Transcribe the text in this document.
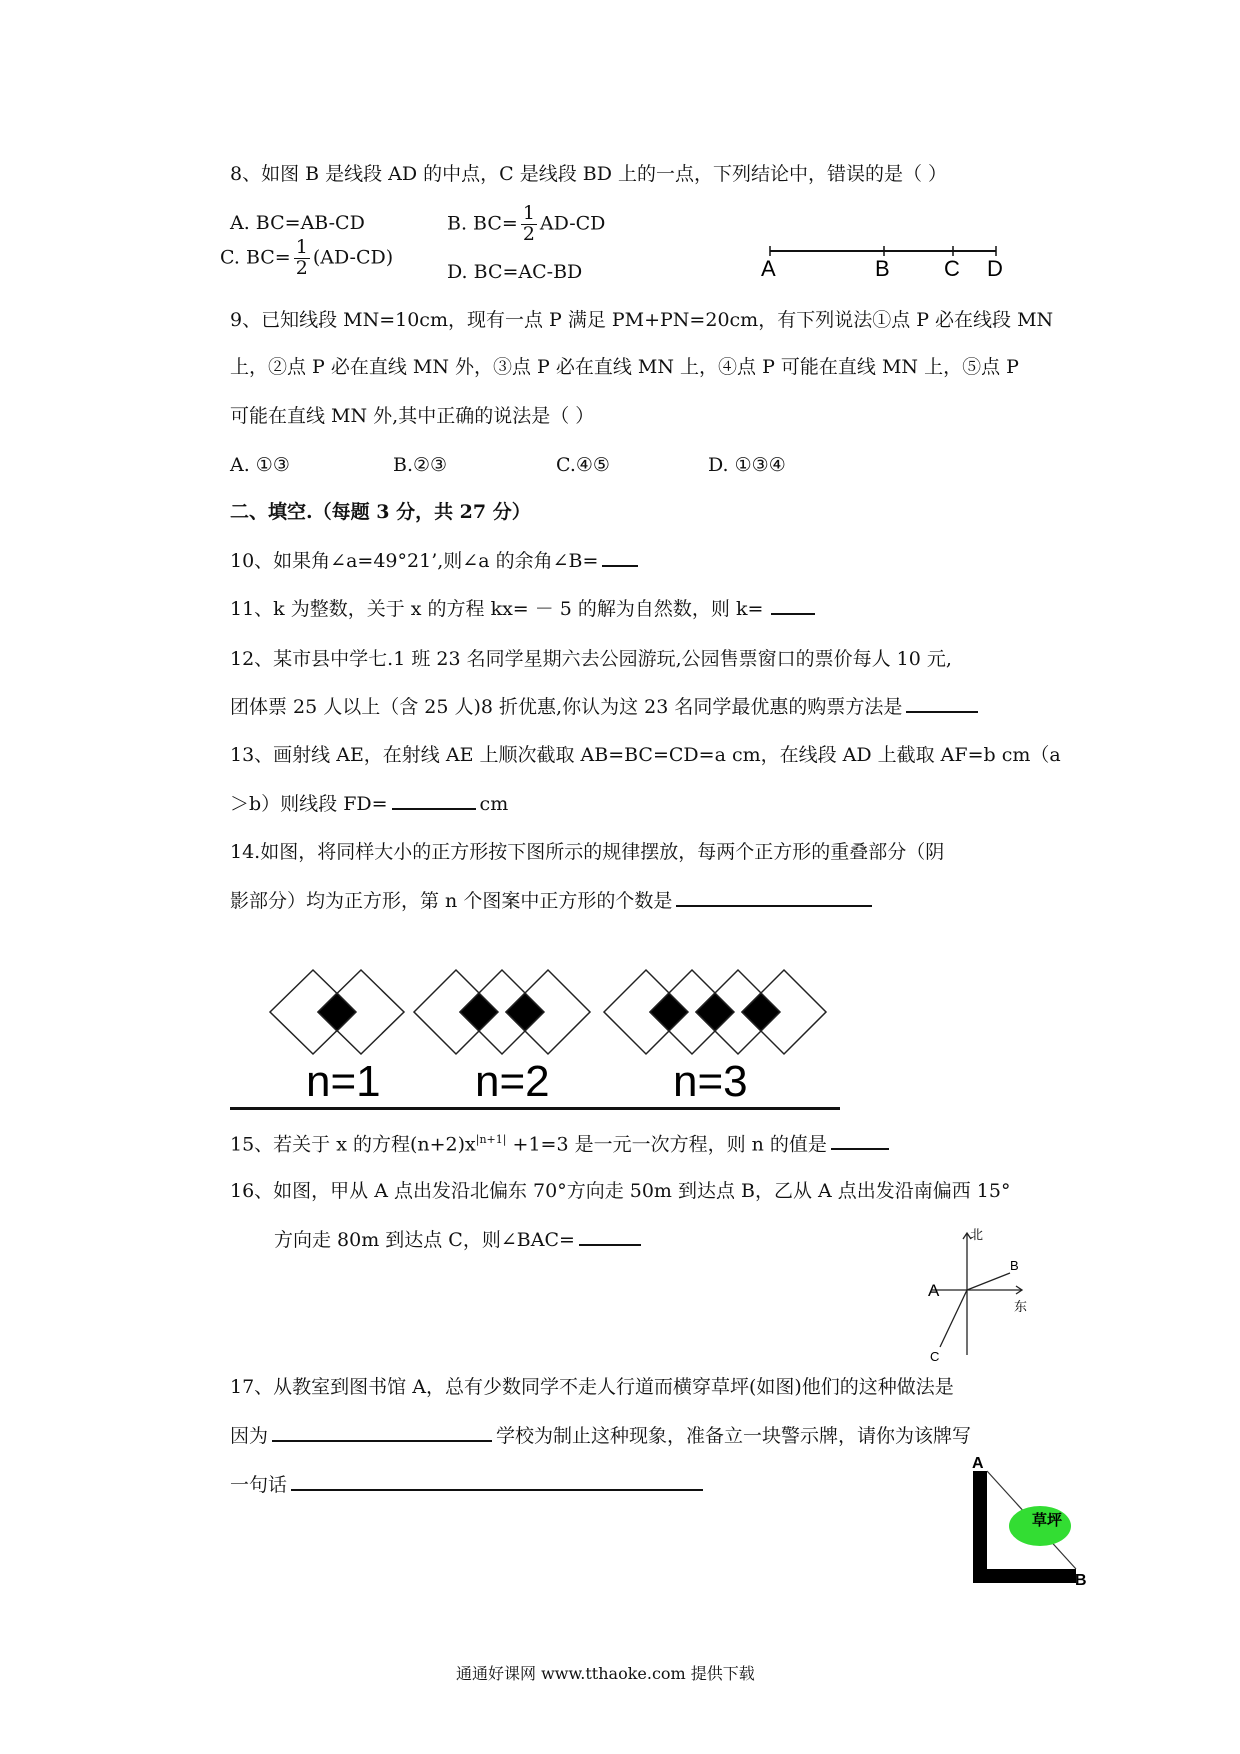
8、如图 B 是线段 AD 的中点，C 是线段 BD 上的一点，下列结论中，错误的是（ ）
A. BC=AB-CD	B. $BC= \frac{1}{2} AD-CD$
C. $BC= \frac{1}{2} (AD-CD)$
D. BC=AC-BD	A	B C D
9、已知线段 MN=10cm，现有一点 P 满足 PM+PN=20cm，有下列说法①点 P 必在线段 MN
上，②点 P 必在直线 MN 外，③点 P 必在直线 MN 上，④点 P 可能在直线 MN 上，⑤点 P
可能在直线 MN 外,其中正确的说法是（ ）
A. ①③	B.②③	C.④⑤	D. ①③④
二、填空.（每题 3 分，共 27 分）
10、如果角∠a=49°21’,则∠a 的余角∠B=
11、k 为整数，关于 x 的方程 kx= － 5 的解为自然数，则 k=
12、某市县中学七.1 班 23 名同学星期六去公园游玩,公园售票窗口的票价每人 10 元,
团体票 25 人以上（含 25 人)8 折优惠,你认为这 23 名同学最优惠的购票方法是
13、画射线 AE，在射线 AE 上顺次截取 AB=BC=CD=a cm，在线段 AD 上截取 AF=b cm（a
＞b）则线段 FD=	cm
14.如图，将同样大小的正方形按下图所示的规律摆放，每两个正方形的重叠部分（阴
影部分）均为正方形，第 n 个图案中正方形的个数是
n=1 n=2	n=3
15、若关于 x 的方程$(n+2)x^{|n+1|} +1=3$ 是一元一次方程，则 n 的值是
16、如图，甲从 A 点出发沿北偏东 70°方向走 50m 到达点 B，乙从 A 点出发沿南偏西 15°
方向走 80m 到达点 C，则∠BAC=	北
东
A
B
C
17、从教室到图书馆 A，总有少数同学不走人行道而横穿草坪(如图)他们的这种做法是
因为	学校为制止这种现象，准备立一块警示牌，请你为该牌写
一句话
草坪
A
B
通通好课网 www.tthaoke.com 提供下载
